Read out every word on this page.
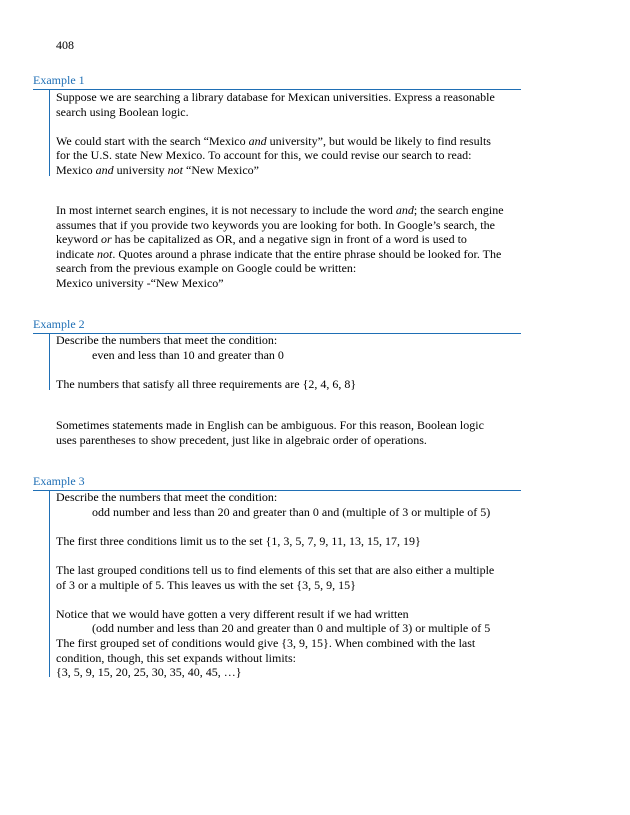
408
Example 1
Suppose we are searching a library database for Mexican universities. Express a reasonable
search using Boolean logic.
We could start with the search “Mexico and university”, but would be likely to find results
for the U.S. state New Mexico. To account for this, we could revise our search to read:
Mexico and university not “New Mexico”
In most internet search engines, it is not necessary to include the word and; the search engine
assumes that if you provide two keywords you are looking for both. In Google’s search, the
keyword or has be capitalized as OR, and a negative sign in front of a word is used to
indicate not. Quotes around a phrase indicate that the entire phrase should be looked for. The
search from the previous example on Google could be written:
Mexico university -“New Mexico”
Example 2
Describe the numbers that meet the condition:
even and less than 10 and greater than 0
The numbers that satisfy all three requirements are {2, 4, 6, 8}
Sometimes statements made in English can be ambiguous. For this reason, Boolean logic
uses parentheses to show precedent, just like in algebraic order of operations.
Example 3
Describe the numbers that meet the condition:
odd number and less than 20 and greater than 0 and (multiple of 3 or multiple of 5)
The first three conditions limit us to the set {1, 3, 5, 7, 9, 11, 13, 15, 17, 19}
The last grouped conditions tell us to find elements of this set that are also either a multiple
of 3 or a multiple of 5. This leaves us with the set {3, 5, 9, 15}
Notice that we would have gotten a very different result if we had written
(odd number and less than 20 and greater than 0 and multiple of 3) or multiple of 5
The first grouped set of conditions would give {3, 9, 15}. When combined with the last
condition, though, this set expands without limits:
{3, 5, 9, 15, 20, 25, 30, 35, 40, 45, …}
